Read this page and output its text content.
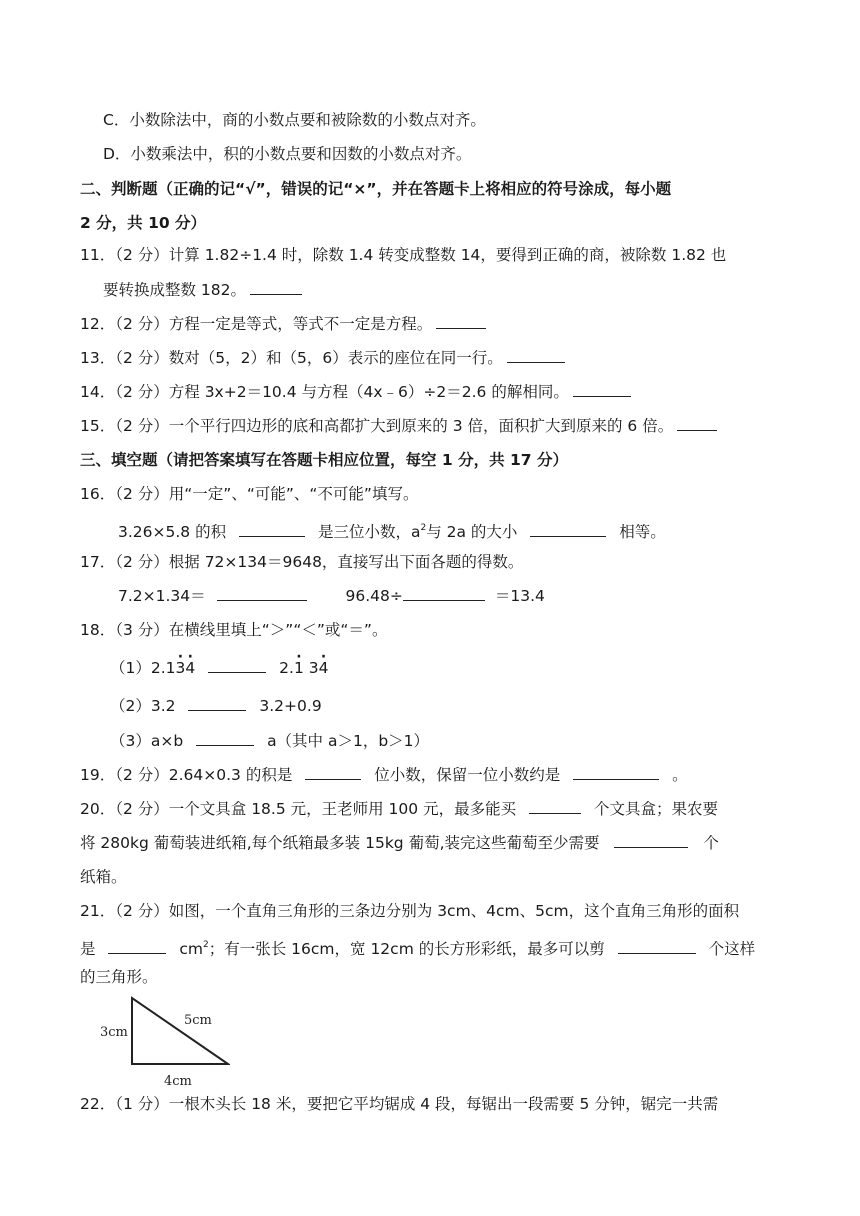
C．小数除法中，商的小数点要和被除数的小数点对齐。
D．小数乘法中，积的小数点要和因数的小数点对齐。
二、判断题（正确的记“√”，错误的记“×”，并在答题卡上将相应的符号涂成，每小题
2 分，共 10 分）
11．（2 分）计算 1.82÷1.4 时，除数 1.4 转变成整数 14，要得到正确的商，被除数 1.82 也
要转换成整数 182。
12．（2 分）方程一定是等式，等式不一定是方程。
13．（2 分）数对（5，2）和（5，6）表示的座位在同一行。
14．（2 分）方程 3x+2＝10.4 与方程（4x﹣6）÷2＝2.6 的解相同。
15．（2 分）一个平行四边形的底和高都扩大到原来的 3 倍，面积扩大到原来的 6 倍。
三、填空题（请把答案填写在答题卡相应位置，每空 1 分，共 17 分）
16．（2 分）用“一定”、“可能”、“不可能”填写。
3.26×5.8 的积	是三位小数，$a^2$与 2a 的大小	相等。
17．（2 分）根据 72×134＝9648，直接写出下面各题的得数。
7.2×1.34＝	96.48÷	＝13.4
18．（3 分）在横线里填上“＞”“＜”或“＝”。
（1）2.1· 3· 4	2.· 1 3· 4
（2）3.2	3.2+0.9
（3）a×b	a（其中 a＞1，b＞1）
19．（2 分）2.64×0.3 的积是	位小数，保留一位小数约是	。
20．（2 分）一个文具盒 18.5 元，王老师用 100 元，最多能买	个文具盒；果农要
将 280kg 葡萄装进纸箱,每个纸箱最多装 15kg 葡萄,装完这些葡萄至少需要	个
纸箱。
21．（2 分）如图，一个直角三角形的三条边分别为 3cm、4cm、5cm，这个直角三角形的面积
是	$cm^2$；有一张长 16cm，宽 12cm 的长方形彩纸，最多可以剪	个这样
的三角形。
3cm
5cm
4cm
22．（1 分）一根木头长 18 米，要把它平均锯成 4 段，每锯出一段需要 5 分钟，锯完一共需
